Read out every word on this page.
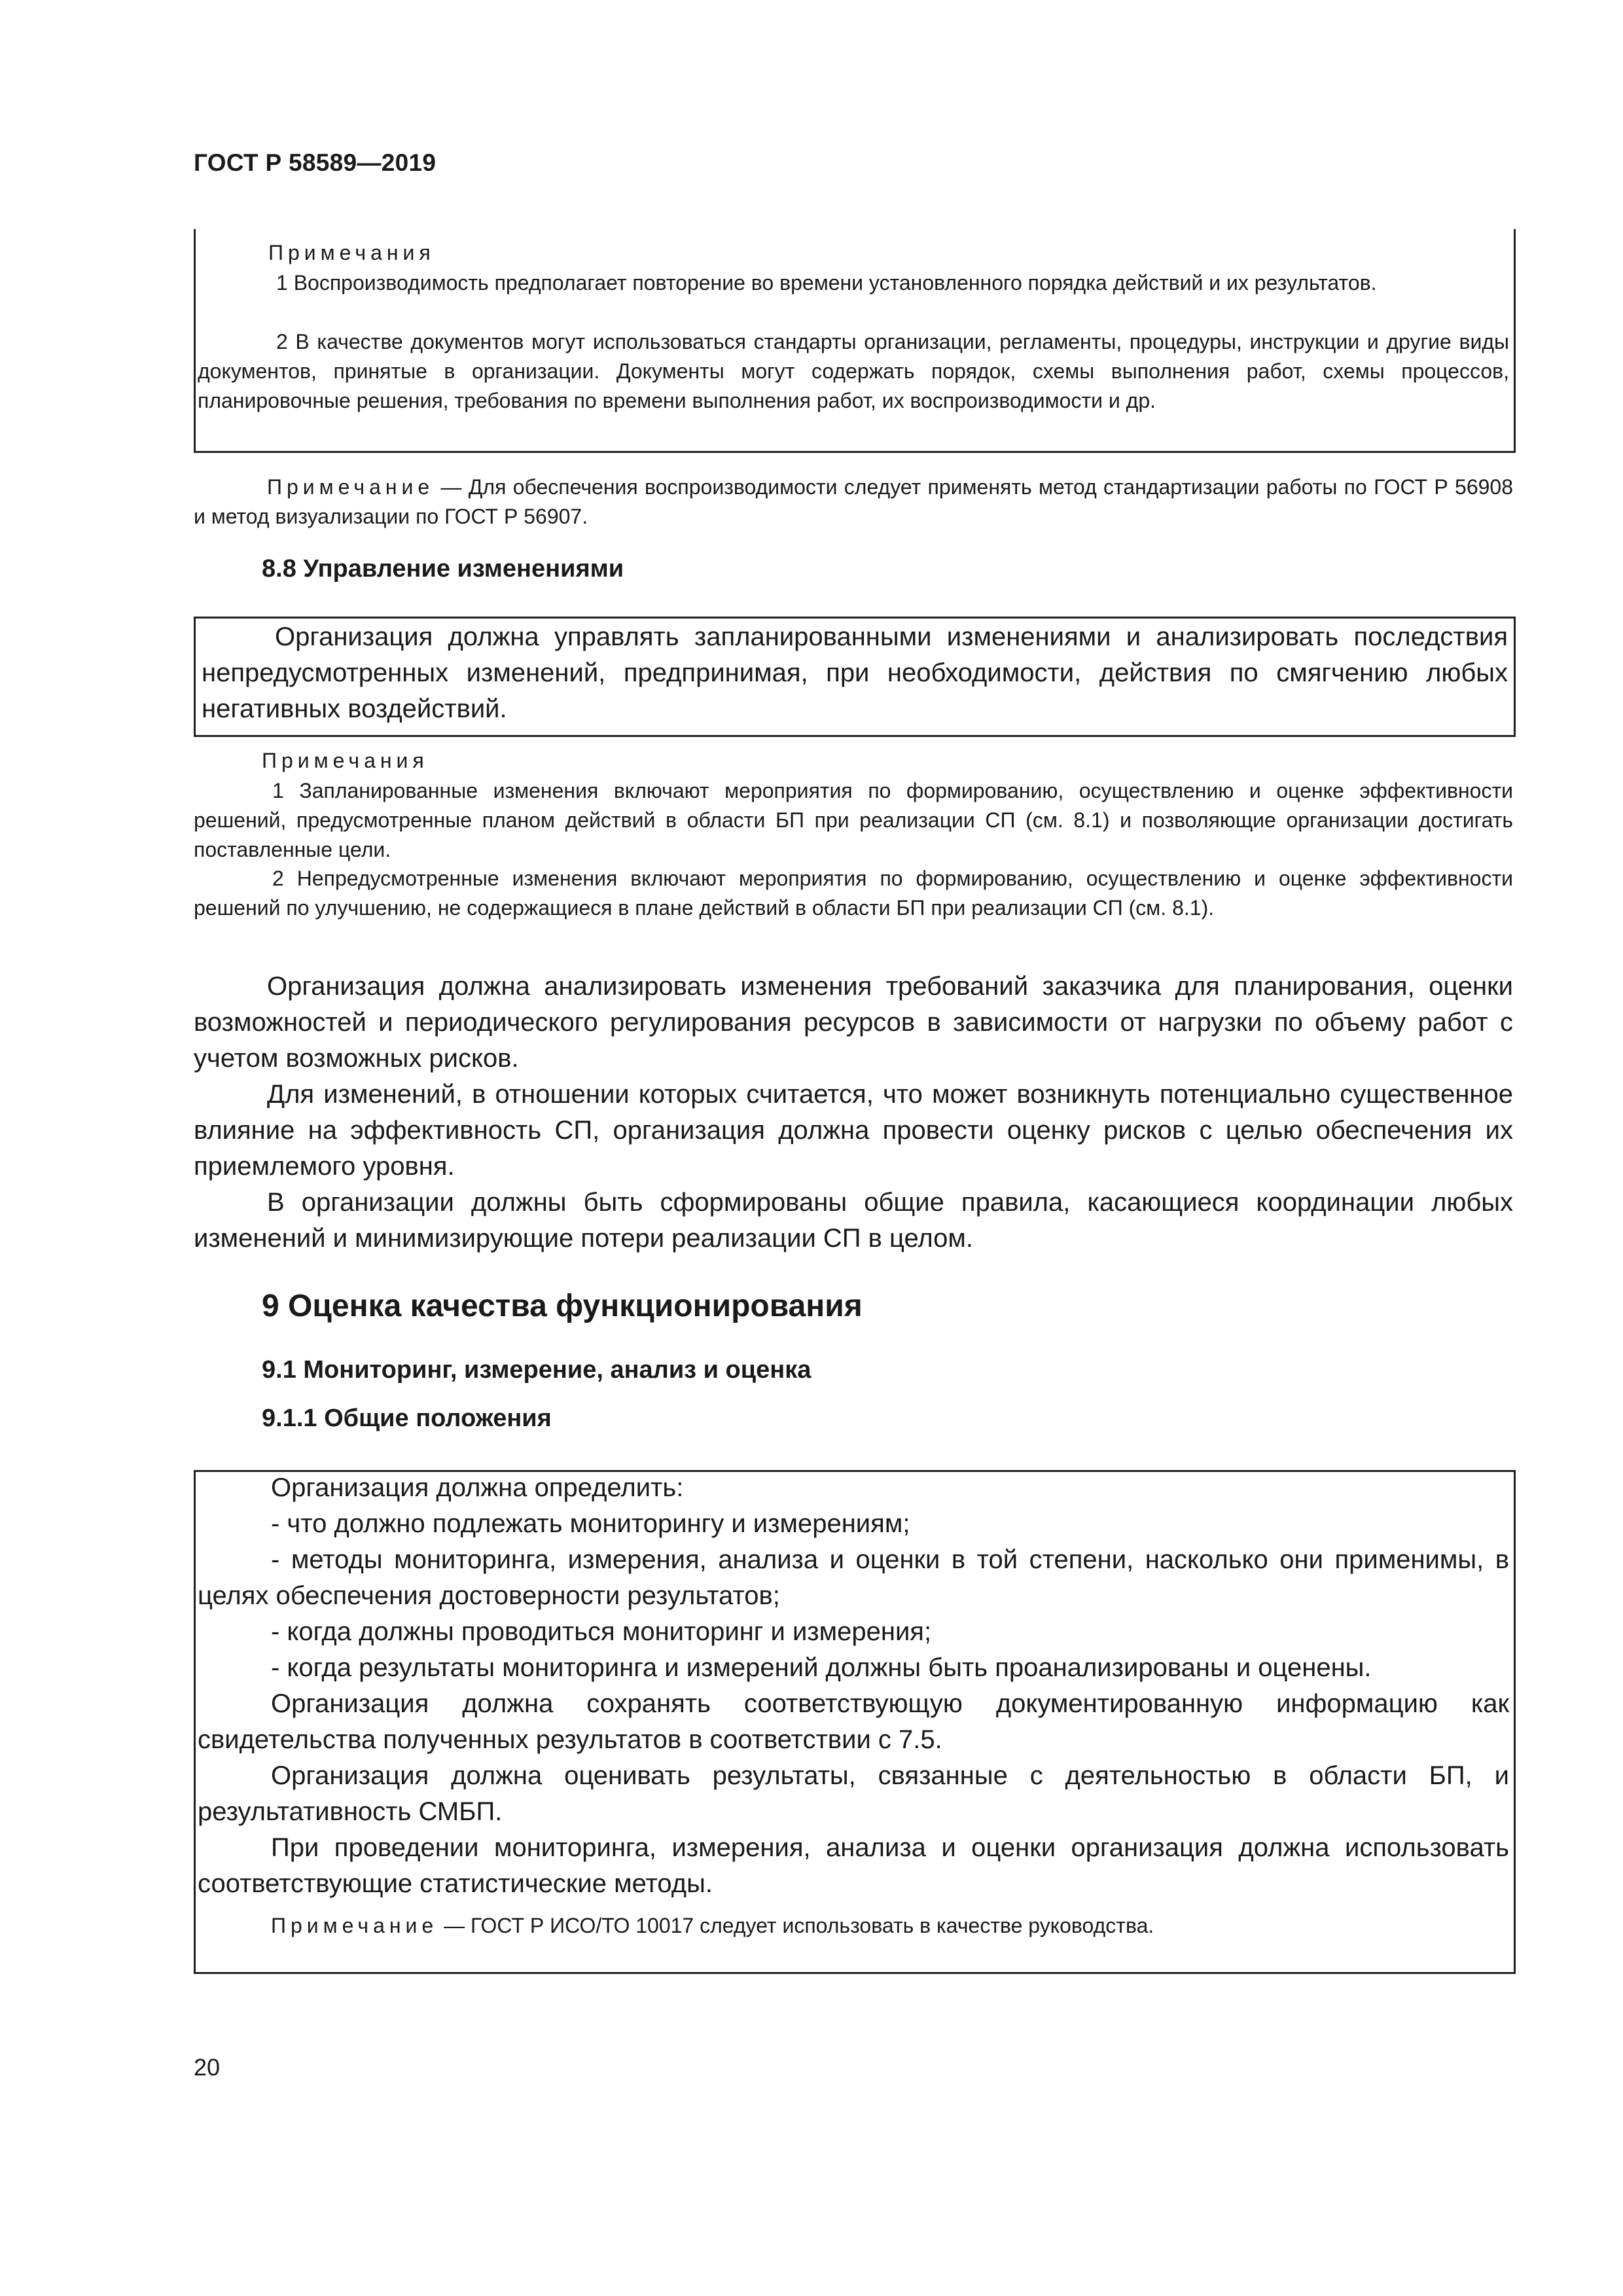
ГОСТ Р 58589—2019

Примечания

1 Воспроизводимость предполагает повторение во времени установленного порядка действий и их результатов.

2 В качестве документов могут использоваться стандарты организации, регламенты, процедуры, инструкции и другие виды документов, принятые в организации. Документы могут содержать порядок, схемы выполнения работ, схемы процессов, планировочные решения, требования по времени выполнения работ, их воспроизводимости и др.

Примечание — Для обеспечения воспроизводимости следует применять метод стандартизации работы по ГОСТ Р 56908 и метод визуализации по ГОСТ Р 56907.

8.8 Управление изменениями

Организация должна управлять запланированными изменениями и анализировать последствия непредусмотренных изменений, предпринимая, при необходимости, действия по смягчению любых негативных воздействий.

Примечания

1 Запланированные изменения включают мероприятия по формированию, осуществлению и оценке эффективности решений, предусмотренные планом действий в области БП при реализации СП (см. 8.1) и позволяющие организации достигать поставленные цели.

2 Непредусмотренные изменения включают мероприятия по формированию, осуществлению и оценке эффективности решений по улучшению, не содержащиеся в плане действий в области БП при реализации СП (см. 8.1).

Организация должна анализировать изменения требований заказчика для планирования, оценки возможностей и периодического регулирования ресурсов в зависимости от нагрузки по объему работ с учетом возможных рисков.

Для изменений, в отношении которых считается, что может возникнуть потенциально существенное влияние на эффективность СП, организация должна провести оценку рисков с целью обеспечения их приемлемого уровня.

В организации должны быть сформированы общие правила, касающиеся координации любых изменений и минимизирующие потери реализации СП в целом.

9 Оценка качества функционирования
9.1 Мониторинг, измерение, анализ и оценка
9.1.1 Общие положения

Организация должна определить:

- что должно подлежать мониторингу и измерениям;

- методы мониторинга, измерения, анализа и оценки в той степени, насколько они применимы, в целях обеспечения достоверности результатов;

- когда должны проводиться мониторинг и измерения;

- когда результаты мониторинга и измерений должны быть проанализированы и оценены.

Организация должна сохранять соответствующую документированную информацию как свидетельства полученных результатов в соответствии с 7.5.

Организация должна оценивать результаты, связанные с деятельностью в области БП, и результативность СМБП.

При проведении мониторинга, измерения, анализа и оценки организация должна использовать соответствующие статистические методы.

Примечание — ГОСТ Р ИСО/ТО 10017 следует использовать в качестве руководства.

20
